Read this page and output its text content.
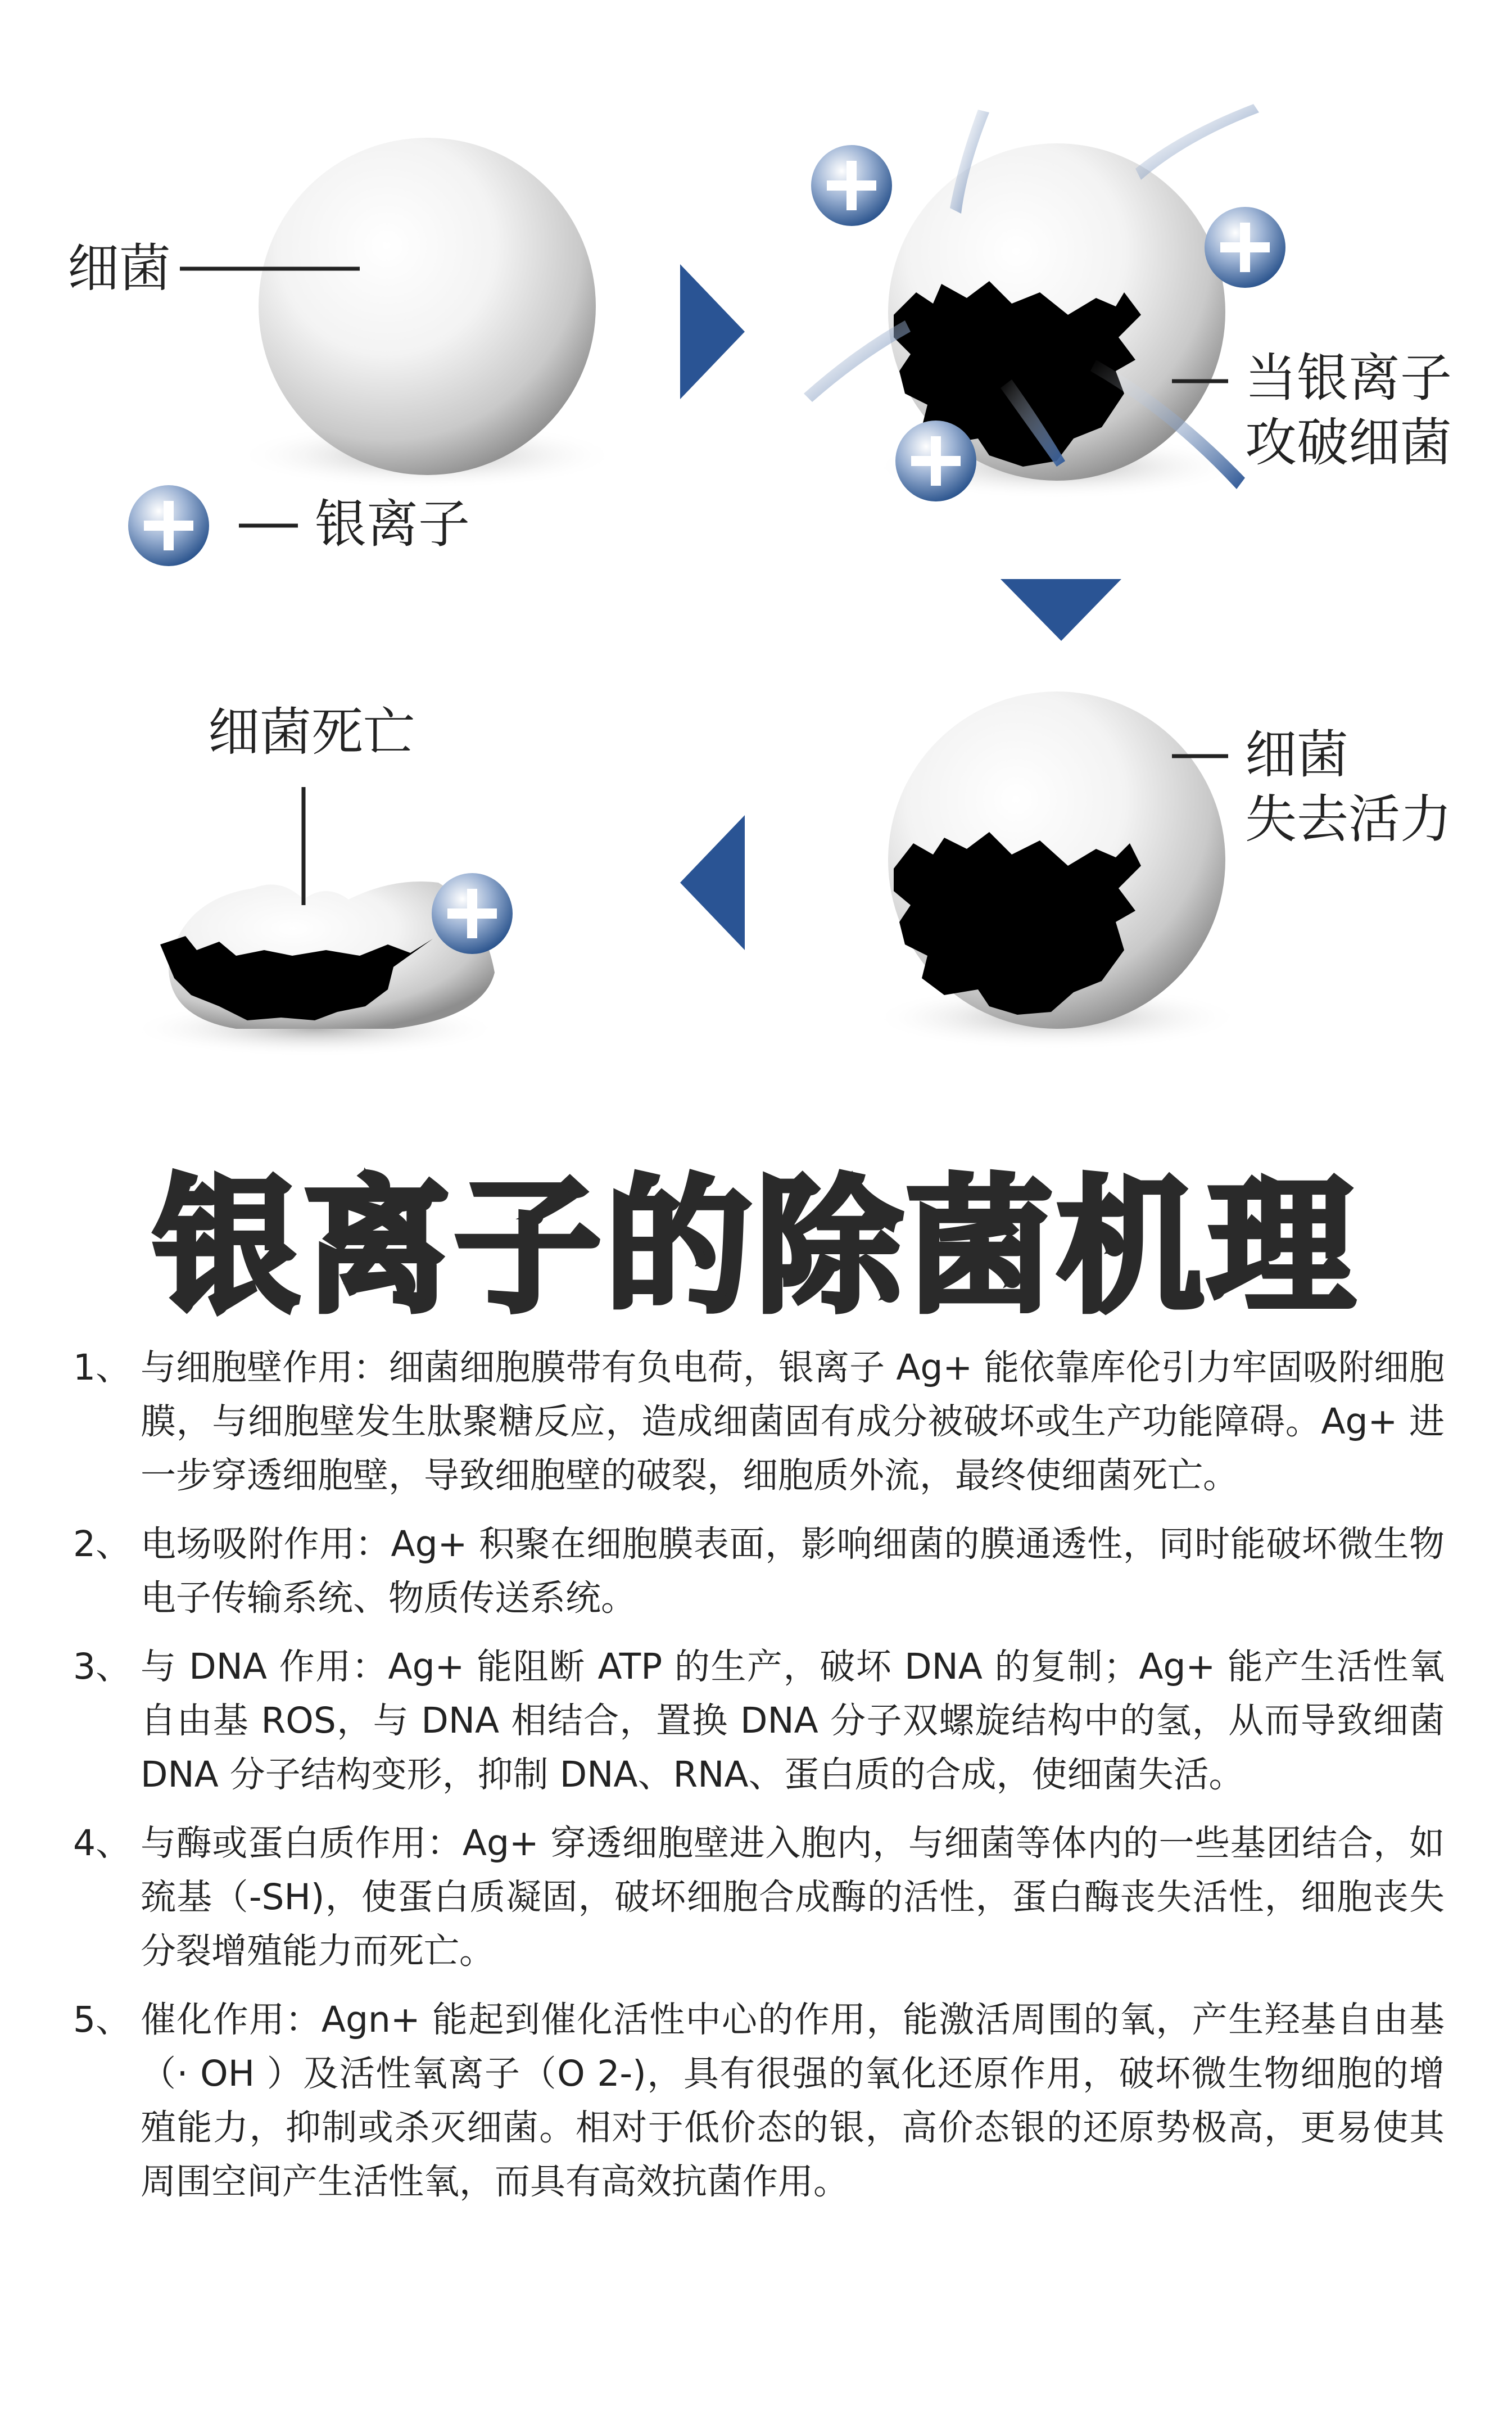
细菌
银离子
当银离子
攻破细菌
细菌
失去活力
细菌死亡
银离子的除菌机理
1、 与细胞壁作用：细菌细胞膜带有负电荷，银离子 Ag+ 能依靠库伦引力牢固吸附细胞膜，与细胞壁发生肽聚糖反应，造成细菌固有成分被破坏或生产功能障碍。Ag+ 进一步穿透细胞壁，导致细胞壁的破裂，细胞质外流，最终使细菌死亡。
2、 电场吸附作用：Ag+ 积聚在细胞膜表面，影响细菌的膜通透性，同时能破坏微生物电子传输系统、物质传送系统。
3、 与 DNA 作用：Ag+ 能阻断 ATP 的生产，破坏 DNA 的复制；Ag+ 能产生活性氧自由基 ROS，与 DNA 相结合，置换 DNA 分子双螺旋结构中的氢，从而导致细菌 DNA 分子结构变形，抑制 DNA、RNA、蛋白质的合成，使细菌失活。
4、 与酶或蛋白质作用：Ag+ 穿透细胞壁进入胞内，与细菌等体内的一些基团结合，如巯基（-SH)，使蛋白质凝固，破坏细胞合成酶的活性，蛋白酶丧失活性，细胞丧失分裂增殖能力而死亡。
5、 催化作用：Agn+ 能起到催化活性中心的作用，能激活周围的氧，产生羟基自由基（· OH ）及活性氧离子（O 2-)，具有很强的氧化还原作用，破坏微生物细胞的增殖能力，抑制或杀灭细菌。相对于低价态的银，高价态银的还原势极高，更易使其周围空间产生活性氧，而具有高效抗菌作用。
